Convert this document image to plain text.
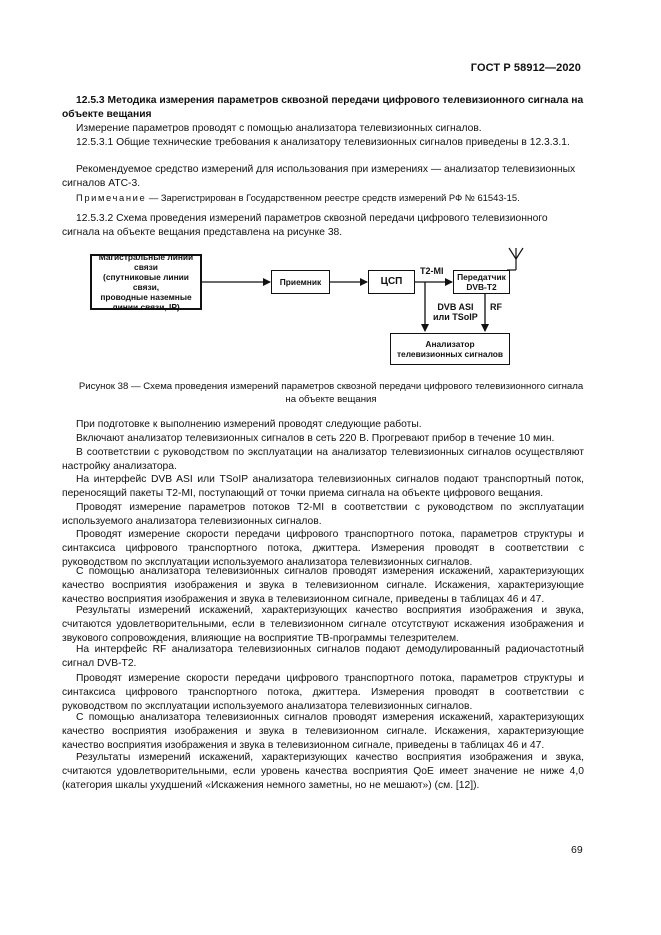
ГОСТ Р 58912—2020

12.5.3 Методика измерения параметров сквозной передачи цифрового телевизионного сигнала на объекте вещания

Измерение параметров проводят с помощью анализатора телевизионных сигналов.

12.5.3.1 Общие технические требования к анализатору телевизионных сигналов приведены в 12.3.3.1.

Рекомендуемое средство измерений для использования при измерениях — анализатор телевизионных сигналов АТС-3.

Примечание — Зарегистрирован в Государственном реестре средств измерений РФ № 61543-15.

12.5.3.2 Схема проведения измерений параметров сквозной передачи цифрового телевизионного сигнала на объекте вещания представлена на рисунке 38.

Магистральные линии связи
(спутниковые линии связи,
проводные наземные
линии связи, IP)
Приемник	ЦСП
T2-MI
Передатчик
DVB-T2
DVB ASI
или TSoIP
RF
Анализатор
телевизионных сигналов
Рисунок 38 — Схема проведения измерений параметров сквозной передачи цифрового телевизионного сигнала
на объекте вещания

При подготовке к выполнению измерений проводят следующие работы.

Включают анализатор телевизионных сигналов в сеть 220 В. Прогревают прибор в течение 10 мин.

В соответствии с руководством по эксплуатации на анализатор телевизионных сигналов осуществляют настройку анализатора.

На интерфейс DVB ASI или TSoIP анализатора телевизионных сигналов подают транспортный поток, переносящий пакеты T2-MI, поступающий от точки приема сигнала на объекте цифрового вещания.

Проводят измерение параметров потоков T2-MI в соответствии с руководством по эксплуатации используемого анализатора телевизионных сигналов.

Проводят измерение скорости передачи цифрового транспортного потока, параметров структуры и синтаксиса цифрового транспортного потока, джиттера. Измерения проводят в соответствии с руководством по эксплуатации используемого анализатора телевизионных сигналов.

С помощью анализатора телевизионных сигналов проводят измерения искажений, характеризующих качество восприятия изображения и звука в телевизионном сигнале. Искажения, характеризующие качество восприятия изображения и звука в телевизионном сигнале, приведены в таблицах 46 и 47.

Результаты измерений искажений, характеризующих качество восприятия изображения и звука, считаются удовлетворительными, если в телевизионном сигнале отсутствуют искажения изображения и звукового сопровождения, влияющие на восприятие ТВ-программы телезрителем.

На интерфейс RF анализатора телевизионных сигналов подают демодулированный радиочастотный сигнал DVB-T2.

Проводят измерение скорости передачи цифрового транспортного потока, параметров структуры и синтаксиса цифрового транспортного потока, джиттера. Измерения проводят в соответствии с руководством по эксплуатации используемого анализатора телевизионных сигналов.

С помощью анализатора телевизионных сигналов проводят измерения искажений, характеризующих качество восприятия изображения и звука в телевизионном сигнале. Искажения, характеризующие качество восприятия изображения и звука в телевизионном сигнале, приведены в таблицах 46 и 47.

Результаты измерений искажений, характеризующих качество восприятия изображения и звука, считаются удовлетворительными, если уровень качества восприятия QoE имеет значение не ниже 4,0 (категория шкалы ухудшений «Искажения немного заметны, но не мешают») (см. [12]).

69
